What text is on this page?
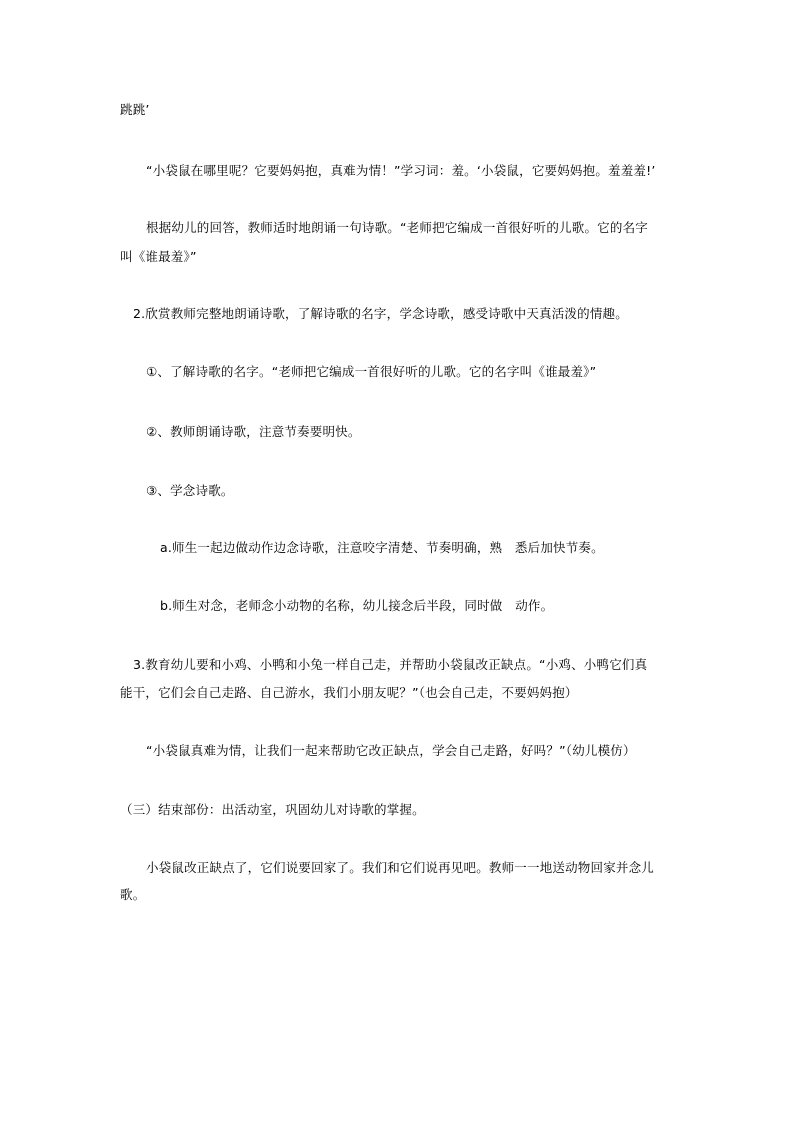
跳跳’
“小袋鼠在哪里呢？它要妈妈抱，真难为情！”学习词：羞。‘小袋鼠，它要妈妈抱。羞羞羞!’
根据幼儿的回答，教师适时地朗诵一句诗歌。“老师把它编成一首很好听的儿歌。它的名字
叫《谁最羞》”
2.欣赏教师完整地朗诵诗歌，了解诗歌的名字，学念诗歌，感受诗歌中天真活泼的情趣。
①、了解诗歌的名字。“老师把它编成一首很好听的儿歌。它的名字叫《谁最羞》”
②、教师朗诵诗歌，注意节奏要明快。
③、学念诗歌。
a.师生一起边做动作边念诗歌，注意咬字清楚、节奏明确，熟　悉后加快节奏。
b.师生对念，老师念小动物的名称，幼儿接念后半段，同时做　动作。
3.教育幼儿要和小鸡、小鸭和小兔一样自己走，并帮助小袋鼠改正缺点。“小鸡、小鸭它们真
能干，它们会自己走路、自己游水，我们小朋友呢？”（也会自己走，不要妈妈抱）
“小袋鼠真难为情，让我们一起来帮助它改正缺点，学会自己走路，好吗？”（幼儿模仿）
（三）结束部份：出活动室，巩固幼儿对诗歌的掌握。
小袋鼠改正缺点了，它们说要回家了。我们和它们说再见吧。教师一一地送动物回家并念儿
歌。
